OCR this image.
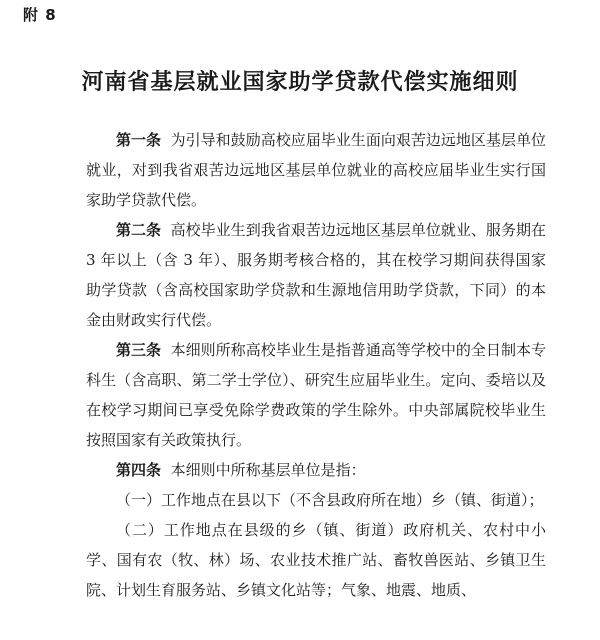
附 8
河南省基层就业国家助学贷款代偿实施细则

第一条 为引导和鼓励高校应届毕业生面向艰苦边远地区基层单位就业，对到我省艰苦边远地区基层单位就业的高校应届毕业生实行国家助学贷款代偿。

第二条 高校毕业生到我省艰苦边远地区基层单位就业、服务期在 3 年以上（含 3 年）、服务期考核合格的，其在校学习期间获得国家助学贷款（含高校国家助学贷款和生源地信用助学贷款，下同）的本金由财政实行代偿。

第三条 本细则所称高校毕业生是指普通高等学校中的全日制本专科生（含高职、第二学士学位）、研究生应届毕业生。定向、委培以及在校学习期间已享受免除学费政策的学生除外。中央部属院校毕业生按照国家有关政策执行。

第四条 本细则中所称基层单位是指：

（一）工作地点在县以下（不含县政府所在地）乡（镇、街道）；

（二）工作地点在县级的乡（镇、街道）政府机关、农村中小学、国有农（牧、林）场、农业技术推广站、畜牧兽医站、乡镇卫生院、计划生育服务站、乡镇文化站等；气象、地震、地质、
